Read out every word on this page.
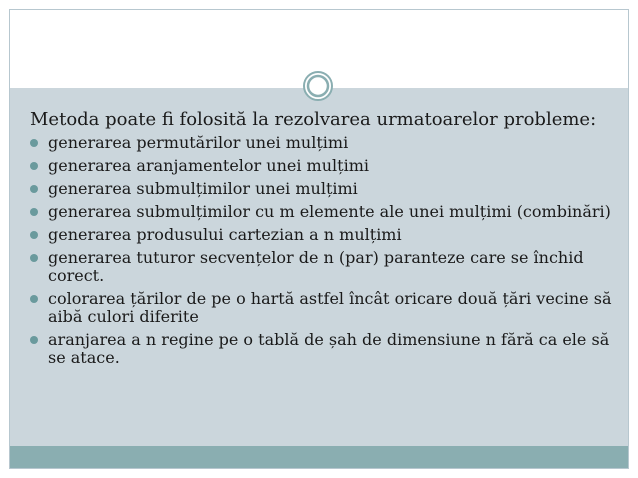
Metoda poate fi folosită la rezolvarea urmatoarelor probleme:

generarea permutărilor unei mulțimi
generarea aranjamentelor unei mulțimi
generarea submulțimilor unei mulțimi
generarea submulțimilor cu m elemente ale unei mulțimi (combinări)
generarea produsului cartezian a n mulțimi
generarea tuturor secvențelor de n (par) paranteze care se închid corect.
colorarea țărilor de pe o hartă astfel încât oricare două țări vecine să aibă culori diferite
aranjarea a n regine pe o tablă de șah de dimensiune n fără ca ele să se atace.
